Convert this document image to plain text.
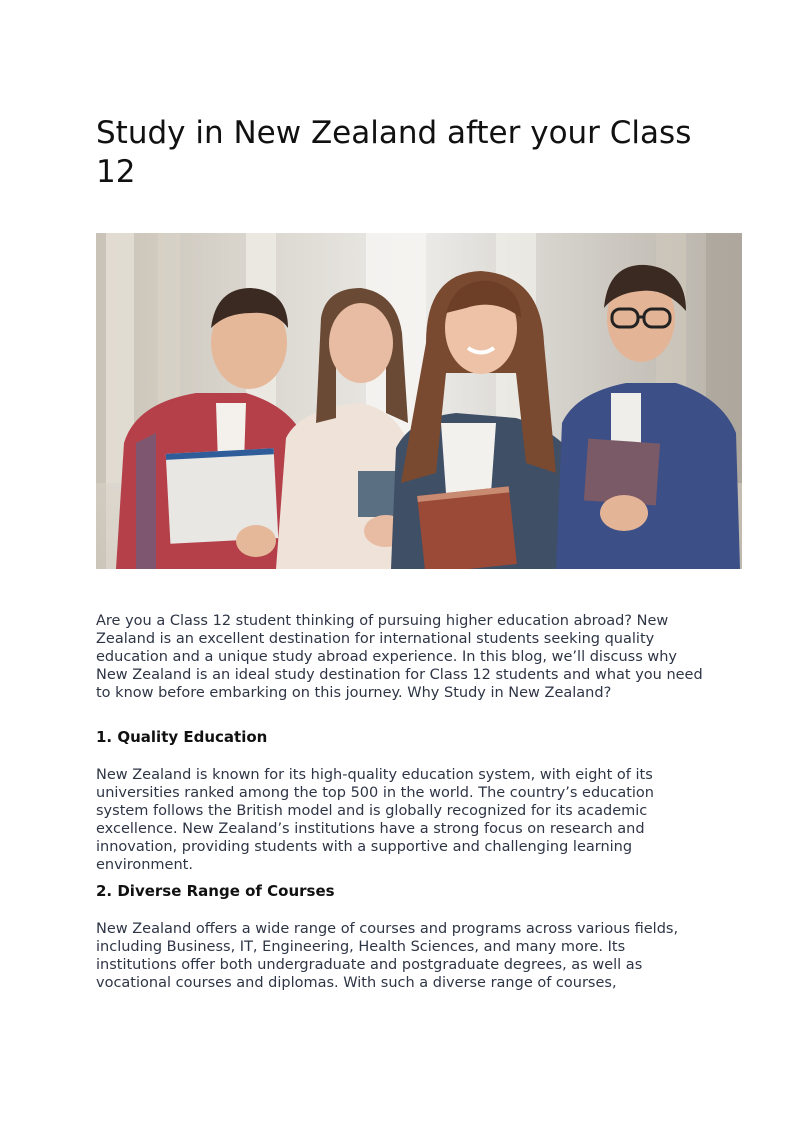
Study in New Zealand after your Class 12

Are you a Class 12 student thinking of pursuing higher education abroad? New Zealand is an excellent destination for international students seeking quality education and a unique study abroad experience. In this blog, we’ll discuss why New Zealand is an ideal study destination for Class 12 students and what you need to know before embarking on this journey. Why Study in New Zealand?

1. Quality Education

New Zealand is known for its high-quality education system, with eight of its universities ranked among the top 500 in the world. The country’s education system follows the British model and is globally recognized for its academic excellence. New Zealand’s institutions have a strong focus on research and innovation, providing students with a supportive and challenging learning environment.

2. Diverse Range of Courses

New Zealand offers a wide range of courses and programs across various fields, including Business, IT, Engineering, Health Sciences, and many more. Its institutions offer both undergraduate and postgraduate degrees, as well as vocational courses and diplomas. With such a diverse range of courses,
